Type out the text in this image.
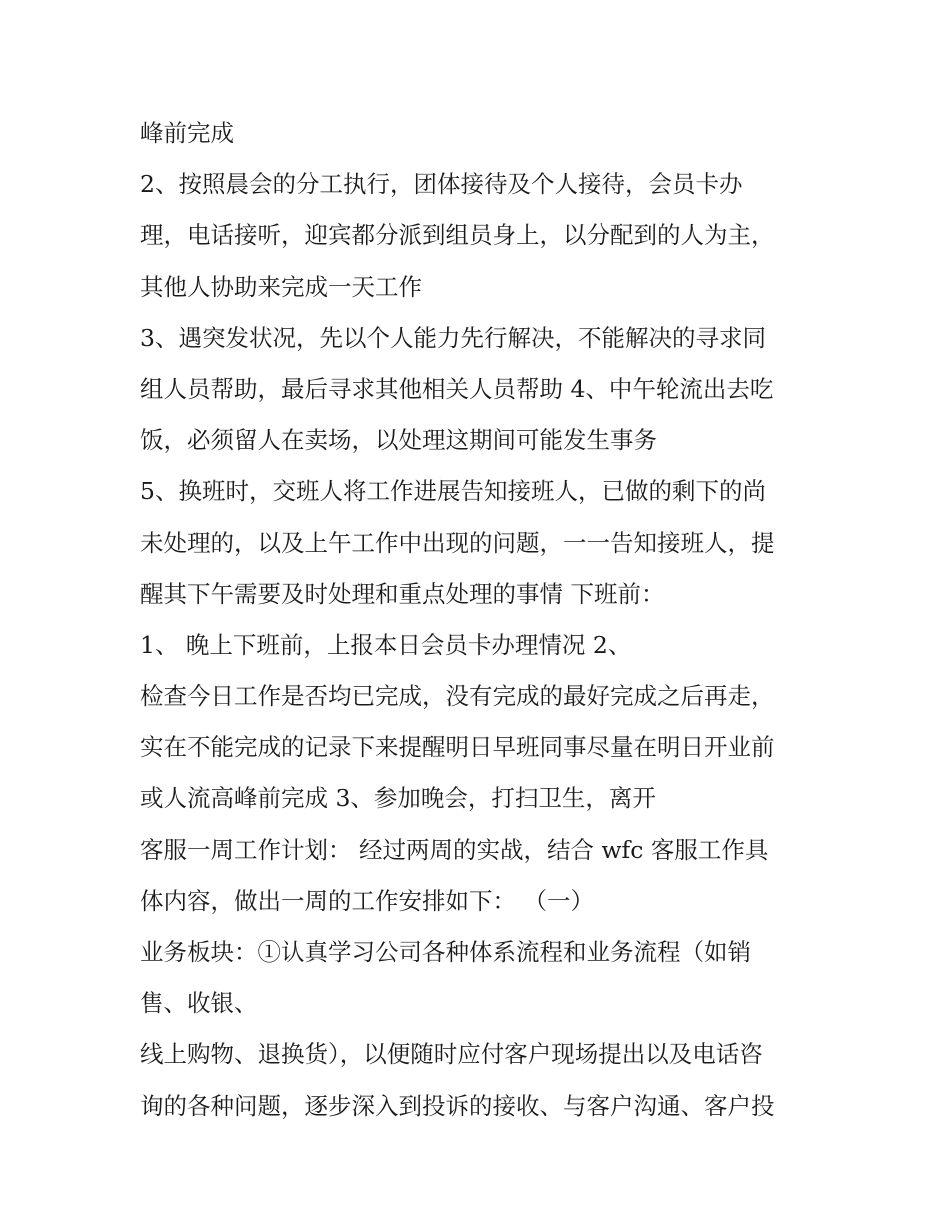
峰前完成

2、按照晨会的分工执行，团体接待及个人接待，会员卡办

理，电话接听，迎宾都分派到组员身上，以分配到的人为主，

其他人协助来完成一天工作

3、遇突发状况，先以个人能力先行解决，不能解决的寻求同

组人员帮助，最后寻求其他相关人员帮助 4、中午轮流出去吃

饭，必须留人在卖场，以处理这期间可能发生事务

5、换班时，交班人将工作进展告知接班人，已做的剩下的尚

未处理的，以及上午工作中出现的问题，一一告知接班人，提

醒其下午需要及时处理和重点处理的事情 下班前：

1、 晚上下班前，上报本日会员卡办理情况 2、

检查今日工作是否均已完成，没有完成的最好完成之后再走，

实在不能完成的记录下来提醒明日早班同事尽量在明日开业前

或人流高峰前完成 3、参加晚会，打扫卫生，离开

客服一周工作计划： 经过两周的实战，结合 wfc 客服工作具

体内容，做出一周的工作安排如下： （一）

业务板块：①认真学习公司各种体系流程和业务流程（如销

售、收银、

线上购物、退换货），以便随时应付客户现场提出以及电话咨

询的各种问题，逐步深入到投诉的接收、与客户沟通、客户投
